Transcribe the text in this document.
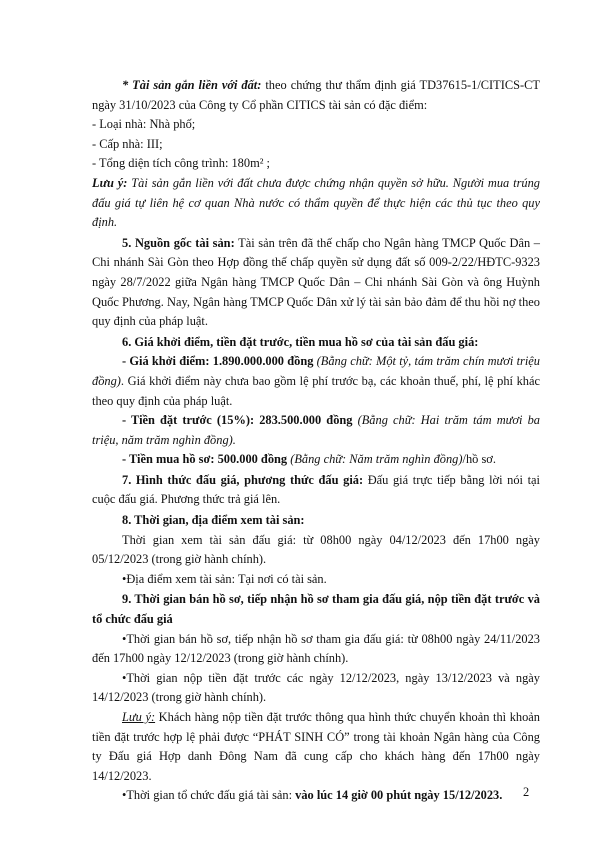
* Tài sản gắn liền với đất: theo chứng thư thẩm định giá TD37615-1/CITICS-CT ngày 31/10/2023 của Công ty Cổ phần CITICS tài sản có đặc điểm:

- Loại nhà: Nhà phố;

- Cấp nhà: III;

- Tổng diện tích công trình: 180m² ;

Lưu ý: Tài sản gắn liền với đất chưa được chứng nhận quyền sở hữu. Người mua trúng đấu giá tự liên hệ cơ quan Nhà nước có thẩm quyền để thực hiện các thủ tục theo quy định.

5. Nguồn gốc tài sản: Tài sản trên đã thế chấp cho Ngân hàng TMCP Quốc Dân – Chi nhánh Sài Gòn theo Hợp đồng thế chấp quyền sử dụng đất số 009-2/22/HĐTC-9323 ngày 28/7/2022 giữa Ngân hàng TMCP Quốc Dân – Chi nhánh Sài Gòn và ông Huỳnh Quốc Phương. Nay, Ngân hàng TMCP Quốc Dân xử lý tài sản bảo đảm để thu hồi nợ theo quy định của pháp luật.

6. Giá khởi điểm, tiền đặt trước, tiền mua hồ sơ của tài sản đấu giá:

- Giá khởi điểm: 1.890.000.000 đồng (Bằng chữ: Một tỷ, tám trăm chín mươi triệu đồng). Giá khởi điểm này chưa bao gồm lệ phí trước bạ, các khoản thuế, phí, lệ phí khác theo quy định của pháp luật.

- Tiền đặt trước (15%): 283.500.000 đồng (Bằng chữ: Hai trăm tám mươi ba triệu, năm trăm nghìn đồng).

- Tiền mua hồ sơ: 500.000 đồng (Bằng chữ: Năm trăm nghìn đồng)/hồ sơ.

7. Hình thức đấu giá, phương thức đấu giá: Đấu giá trực tiếp bằng lời nói tại cuộc đấu giá. Phương thức trả giá lên.

8. Thời gian, địa điểm xem tài sản:

Thời gian xem tài sản đấu giá: từ 08h00 ngày 04/12/2023 đến 17h00 ngày 05/12/2023 (trong giờ hành chính).

•Địa điểm xem tài sản: Tại nơi có tài sản.

9. Thời gian bán hồ sơ, tiếp nhận hồ sơ tham gia đấu giá, nộp tiền đặt trước và tổ chức đấu giá

•Thời gian bán hồ sơ, tiếp nhận hồ sơ tham gia đấu giá: từ 08h00 ngày 24/11/2023 đến 17h00 ngày 12/12/2023 (trong giờ hành chính).

•Thời gian nộp tiền đặt trước các ngày 12/12/2023, ngày 13/12/2023 và ngày 14/12/2023 (trong giờ hành chính).

Lưu ý: Khách hàng nộp tiền đặt trước thông qua hình thức chuyển khoản thì khoản tiền đặt trước hợp lệ phải được “PHÁT SINH CÓ” trong tài khoản Ngân hàng của Công ty Đấu giá Hợp danh Đông Nam đã cung cấp cho khách hàng đến 17h00 ngày 14/12/2023.

•Thời gian tổ chức đấu giá tài sản: vào lúc 14 giờ 00 phút ngày 15/12/2023.	2
